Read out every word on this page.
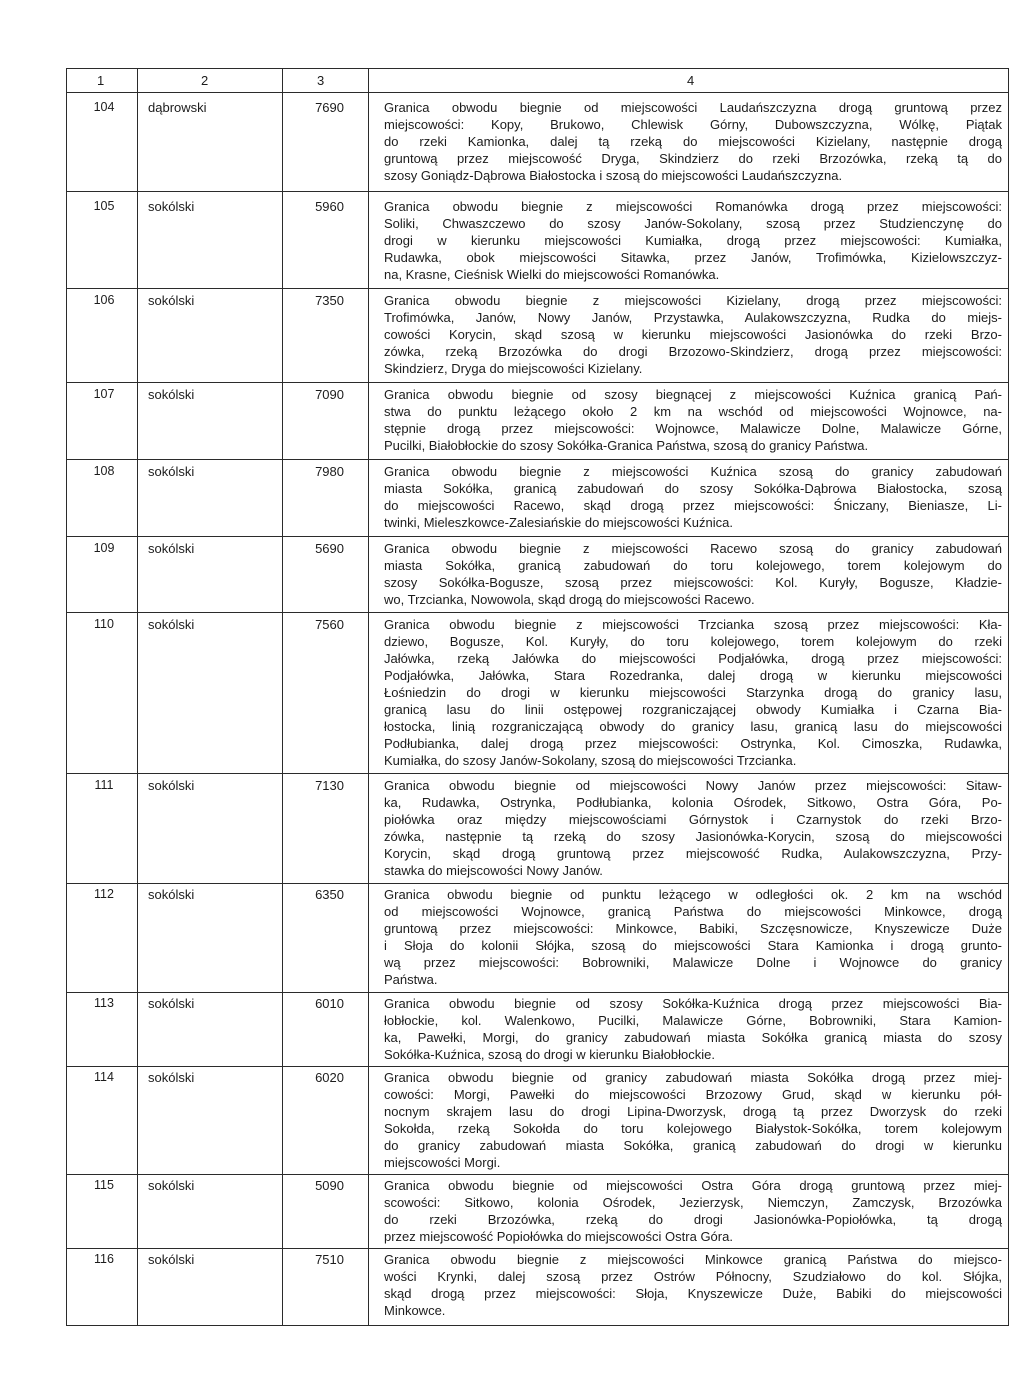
1	2	3	4
104	dąbrowski	7690	Granica obwodu biegnie od miejscowości Laudańszczyzna drogą gruntową przez
miejscowości: Kopy, Brukowo, Chlewisk Górny, Dubowszczyzna, Wólkę, Piątak
do rzeki Kamionka, dalej tą rzeką do miejscowości Kizielany, następnie drogą
gruntową przez miejscowość Dryga, Skindzierz do rzeki Brzozówka, rzeką tą do
szosy Goniądz-Dąbrowa Białostocka i szosą do miejscowości Laudańszczyzna.
105	sokólski	5960	Granica obwodu biegnie z miejscowości Romanówka drogą przez miejscowości:
Soliki, Chwaszczewo do szosy Janów-Sokolany, szosą przez Studzienczynę do
drogi w kierunku miejscowości Kumiałka, drogą przez miejscowości: Kumiałka,
Rudawka, obok miejscowości Sitawka, przez Janów, Trofimówka, Kizielowszczyz-
na, Krasne, Cieśnisk Wielki do miejscowości Romanówka.
106	sokólski	7350	Granica obwodu biegnie z miejscowości Kizielany, drogą przez miejscowości:
Trofimówka, Janów, Nowy Janów, Przystawka, Aulakowszczyzna, Rudka do miejs-
cowości Korycin, skąd szosą w kierunku miejscowości Jasionówka do rzeki Brzo-
zówka, rzeką Brzozówka do drogi Brzozowo-Skindzierz, drogą przez miejscowości:
Skindzierz, Dryga do miejscowości Kizielany.
107	sokólski	7090	Granica obwodu biegnie od szosy biegnącej z miejscowości Kuźnica granicą Pań-
stwa do punktu leżącego około 2 km na wschód od miejscowości Wojnowce, na-
stępnie drogą przez miejscowości: Wojnowce, Malawicze Dolne, Malawicze Górne,
Pucilki, Białobłockie do szosy Sokółka-Granica Państwa, szosą do granicy Państwa.
108	sokólski	7980	Granica obwodu biegnie z miejscowości Kuźnica szosą do granicy zabudowań
miasta Sokółka, granicą zabudowań do szosy Sokółka-Dąbrowa Białostocka, szosą
do miejscowości Racewo, skąd drogą przez miejscowości: Śniczany, Bieniasze, Li-
twinki, Mieleszkowce-Zalesiańskie do miejscowości Kuźnica.
109	sokólski	5690	Granica obwodu biegnie z miejscowości Racewo szosą do granicy zabudowań
miasta Sokółka, granicą zabudowań do toru kolejowego, torem kolejowym do
szosy Sokółka-Bogusze, szosą przez miejscowości: Kol. Kuryły, Bogusze, Kładzie-
wo, Trzcianka, Nowowola, skąd drogą do miejscowości Racewo.
110	sokólski	7560	Granica obwodu biegnie z miejscowości Trzcianka szosą przez miejscowości: Kła-
dziewo, Bogusze, Kol. Kuryły, do toru kolejowego, torem kolejowym do rzeki
Jałówka, rzeką Jałówka do miejscowości Podjałówka, drogą przez miejscowości:
Podjałówka, Jałówka, Stara Rozedranka, dalej drogą w kierunku miejscowości
Łośniedzin do drogi w kierunku miejscowości Starzynka drogą do granicy lasu,
granicą lasu do linii ostępowej rozgraniczającej obwody Kumiałka i Czarna Bia-
łostocka, linią rozgraniczającą obwody do granicy lasu, granicą lasu do miejscowości
Podłubianka, dalej drogą przez miejscowości: Ostrynka, Kol. Cimoszka, Rudawka,
Kumiałka, do szosy Janów-Sokolany, szosą do miejscowości Trzcianka.
111	sokólski	7130	Granica obwodu biegnie od miejscowości Nowy Janów przez miejscowości: Sitaw-
ka, Rudawka, Ostrynka, Podłubianka, kolonia Ośrodek, Sitkowo, Ostra Góra, Po-
piołówka oraz między miejscowościami Górnystok i Czarnystok do rzeki Brzo-
zówka, następnie tą rzeką do szosy Jasionówka-Korycin, szosą do miejscowości
Korycin, skąd drogą gruntową przez miejscowość Rudka, Aulakowszczyzna, Przy-
stawka do miejscowości Nowy Janów.
112	sokólski	6350	Granica obwodu biegnie od punktu leżącego w odległości ok. 2 km na wschód
od miejscowości Wojnowce, granicą Państwa do miejscowości Minkowce, drogą
gruntową przez miejscowości: Minkowce, Babiki, Szczęsnowicze, Knyszewicze Duże
i Słoja do kolonii Słójka, szosą do miejscowości Stara Kamionka i drogą grunto-
wą przez miejscowości: Bobrowniki, Malawicze Dolne i Wojnowce do granicy
Państwa.
113	sokólski	6010	Granica obwodu biegnie od szosy Sokółka-Kuźnica drogą przez miejscowości Bia-
łobłockie, kol. Walenkowo, Pucilki, Malawicze Górne, Bobrowniki, Stara Kamion-
ka, Pawełki, Morgi, do granicy zabudowań miasta Sokółka granicą miasta do szosy
Sokółka-Kuźnica, szosą do drogi w kierunku Białobłockie.
114	sokólski	6020	Granica obwodu biegnie od granicy zabudowań miasta Sokółka drogą przez miej-
cowości: Morgi, Pawełki do miejscowości Brzozowy Grud, skąd w kierunku pół-
nocnym skrajem lasu do drogi Lipina-Dworzysk, drogą tą przez Dworzysk do rzeki
Sokołda, rzeką Sokołda do toru kolejowego Białystok-Sokółka, torem kolejowym
do granicy zabudowań miasta Sokółka, granicą zabudowań do drogi w kierunku
miejscowości Morgi.
115	sokólski	5090	Granica obwodu biegnie od miejscowości Ostra Góra drogą gruntową przez miej-
scowości: Sitkowo, kolonia Ośrodek, Jezierzysk, Niemczyn, Zamczysk, Brzozówka
do rzeki Brzozówka, rzeką do drogi Jasionówka-Popiołówka, tą drogą
przez miejscowość Popiołówka do miejscowości Ostra Góra.
116	sokólski	7510	Granica obwodu biegnie z miejscowości Minkowce granicą Państwa do miejsco-
wości Krynki, dalej szosą przez Ostrów Północny, Szudziałowo do kol. Słójka,
skąd drogą przez miejscowości: Słoja, Knyszewicze Duże, Babiki do miejscowości
Minkowce.
